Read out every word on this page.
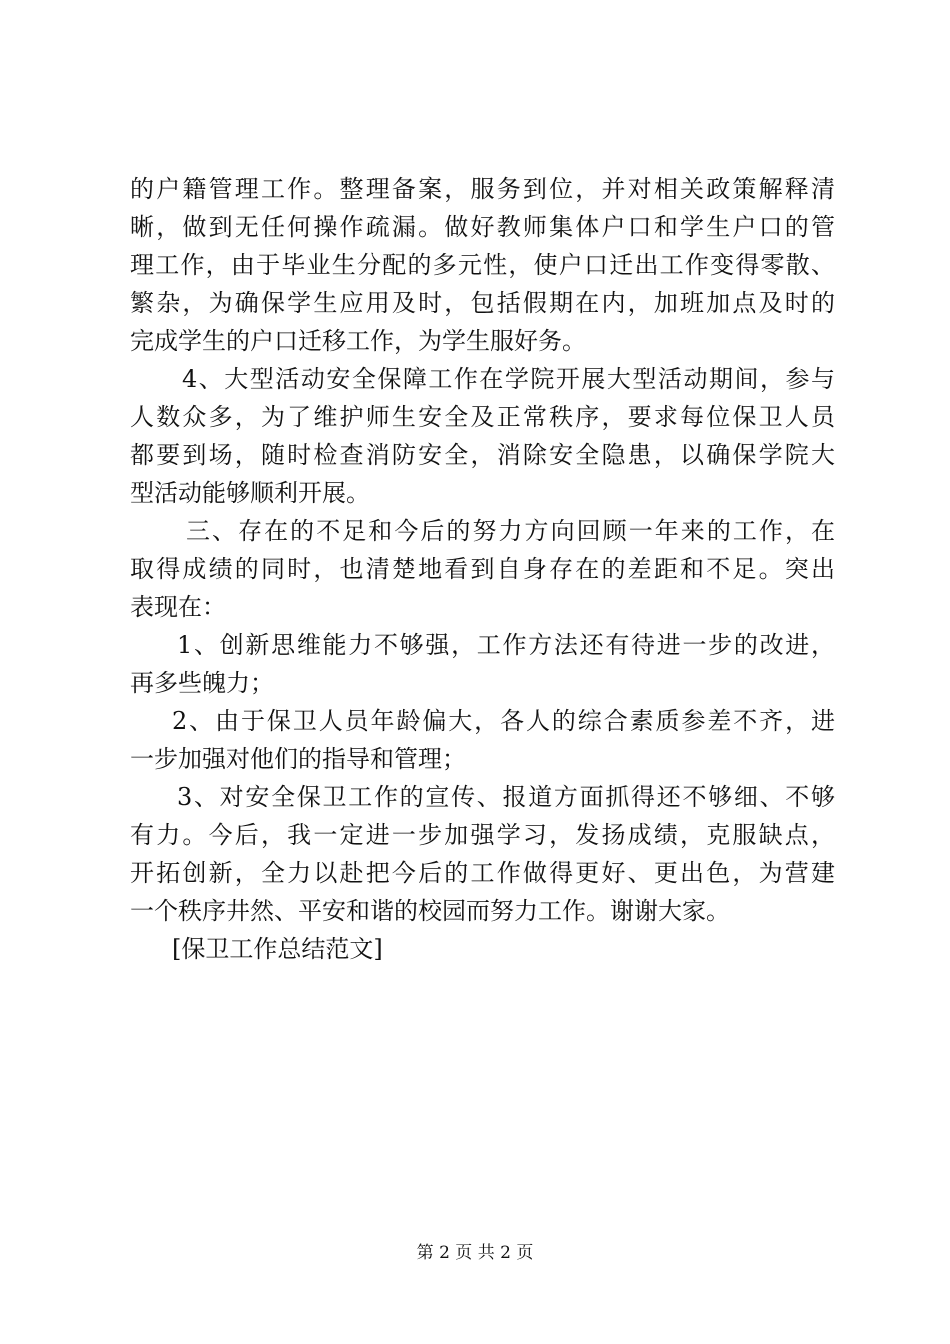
的户籍管理工作。整理备案，服务到位，并对相关政策解释清
晰，做到无任何操作疏漏。做好教师集体户口和学生户口的管
理工作，由于毕业生分配的多元性，使户口迁出工作变得零散、
繁杂，为确保学生应用及时，包括假期在内，加班加点及时的
完成学生的户口迁移工作，为学生服好务。
4、大型活动安全保障工作在学院开展大型活动期间，参与
人数众多，为了维护师生安全及正常秩序，要求每位保卫人员
都要到场，随时检查消防安全，消除安全隐患，以确保学院大
型活动能够顺利开展。
三、存在的不足和今后的努力方向回顾一年来的工作，在
取得成绩的同时，也清楚地看到自身存在的差距和不足。突出
表现在：
1、创新思维能力不够强，工作方法还有待进一步的改进，
再多些魄力；
2、由于保卫人员年龄偏大，各人的综合素质参差不齐，进
一步加强对他们的指导和管理；
3、对安全保卫工作的宣传、报道方面抓得还不够细、不够
有力。今后，我一定进一步加强学习，发扬成绩，克服缺点，
开拓创新，全力以赴把今后的工作做得更好、更出色，为营建
一个秩序井然、平安和谐的校园而努力工作。谢谢大家。
[保卫工作总结范文]
第 2 页 共 2 页
